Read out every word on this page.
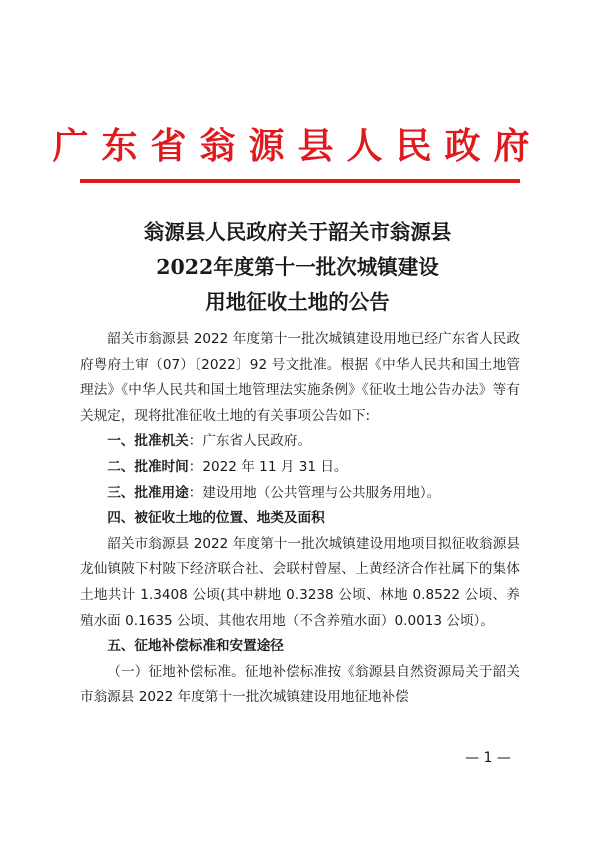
广东省翁源县人民政府
翁源县人民政府关于韶关市翁源县
2022年度第十一批次城镇建设
用地征收土地的公告

韶关市翁源县 2022 年度第十一批次城镇建设用地已经广东省人民政府粤府土审（07）〔2022〕92 号文批准。根据《中华人民共和国土地管理法》《中华人民共和国土地管理法实施条例》《征收土地公告办法》等有关规定，现将批准征收土地的有关事项公告如下:

一、批准机关：广东省人民政府。

二、批准时间：2022 年 11 月 31 日。

三、批准用途：建设用地（公共管理与公共服务用地）。

四、被征收土地的位置、地类及面积

韶关市翁源县 2022 年度第十一批次城镇建设用地项目拟征收翁源县龙仙镇陂下村陂下经济联合社、会联村曾屋、上黄经济合作社属下的集体土地共计 1.3408 公顷(其中耕地 0.3238 公顷、林地 0.8522 公顷、养殖水面 0.1635 公顷、其他农用地（不含养殖水面）0.0013 公顷）。

五、征地补偿标准和安置途径

（一）征地补偿标准。征地补偿标准按《翁源县自然资源局关于韶关市翁源县 2022 年度第十一批次城镇建设用地征地补偿

— 1 —
